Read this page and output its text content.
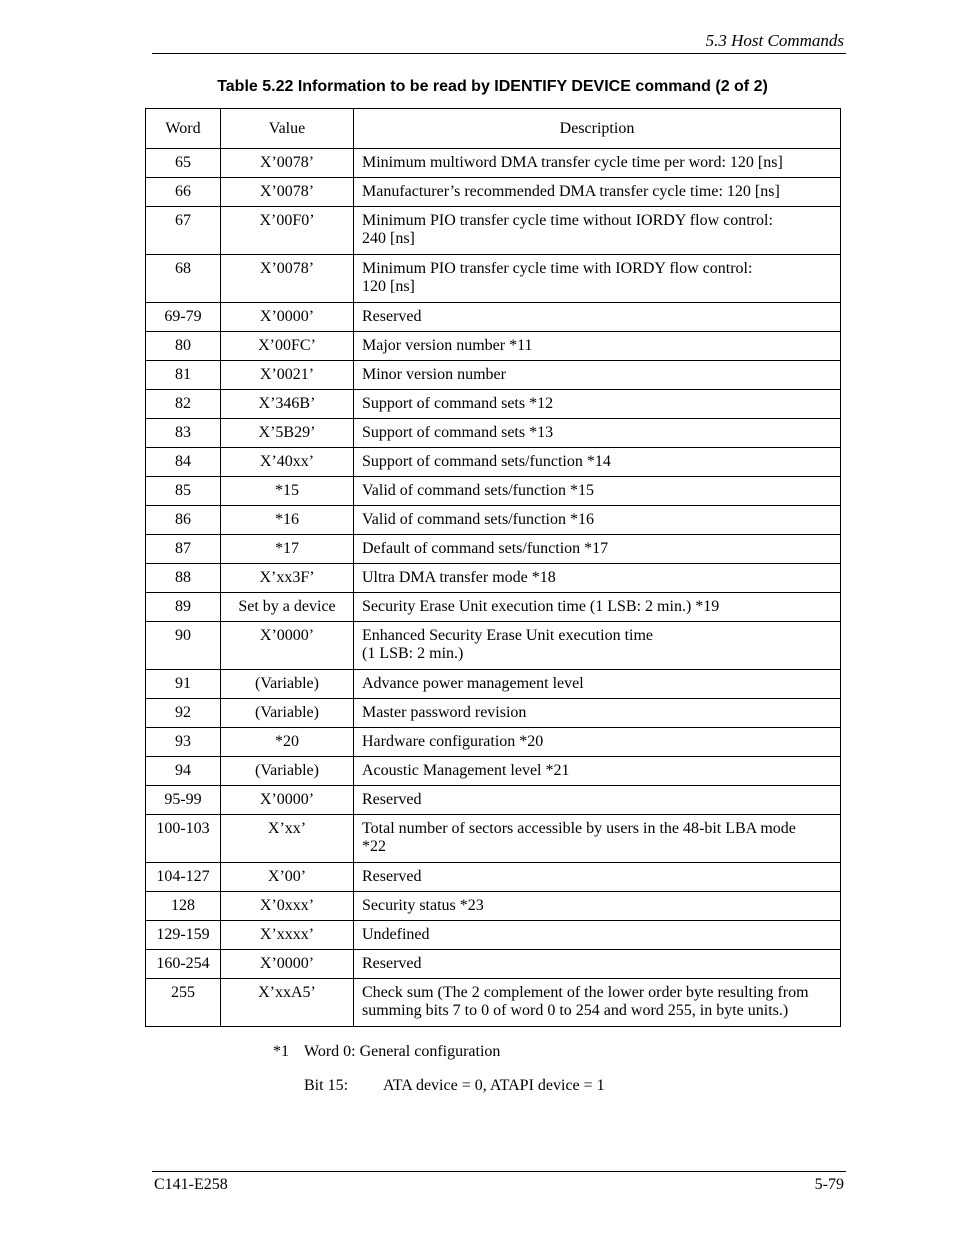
5.3 Host Commands
Table 5.22 Information to be read by IDENTIFY DEVICE command (2 of 2)
Word	Value	Description
65	X’0078’	Minimum multiword DMA transfer cycle time per word: 120 [ns]

66	X’0078’	Manufacturer’s recommended DMA transfer cycle time: 120 [ns]

67	X’00F0’	Minimum PIO transfer cycle time without IORDY flow control:
240 [ns]

68	X’0078’	Minimum PIO transfer cycle time with IORDY flow control:
120 [ns]

69-79	X’0000’	Reserved

80	X’00FC’	Major version number *11

81	X’0021’	Minor version number

82	X’346B’	Support of command sets *12

83	X’5B29’	Support of command sets *13

84	X’40xx’	Support of command sets/function *14

85	*15	Valid of command sets/function *15

86	*16	Valid of command sets/function *16

87	*17	Default of command sets/function *17

88	X’xx3F’	Ultra DMA transfer mode *18

89	Set by a device	Security Erase Unit execution time (1 LSB: 2 min.) *19

90	X’0000’	Enhanced Security Erase Unit execution time
(1 LSB: 2 min.)

91	(Variable)	Advance power management level

92	(Variable)	Master password revision

93	*20	Hardware configuration *20

94	(Variable)	Acoustic Management level *21

95-99	X’0000’	Reserved

100-103	X’xx’	Total number of sectors accessible by users in the 48-bit LBA mode
*22

104-127	X’00’	Reserved

128	X’0xxx’	Security status *23

129-159	X’xxxx’	Undefined

160-254	X’0000’	Reserved

255	X’xxA5’	Check sum (The 2 complement of the lower order byte resulting from
summing bits 7 to 0 of word 0 to 254 and word 255, in byte units.)
*1 Word 0: General configuration
Bit 15: ATA device = 0, ATAPI device = 1
C141-E258	5-79
